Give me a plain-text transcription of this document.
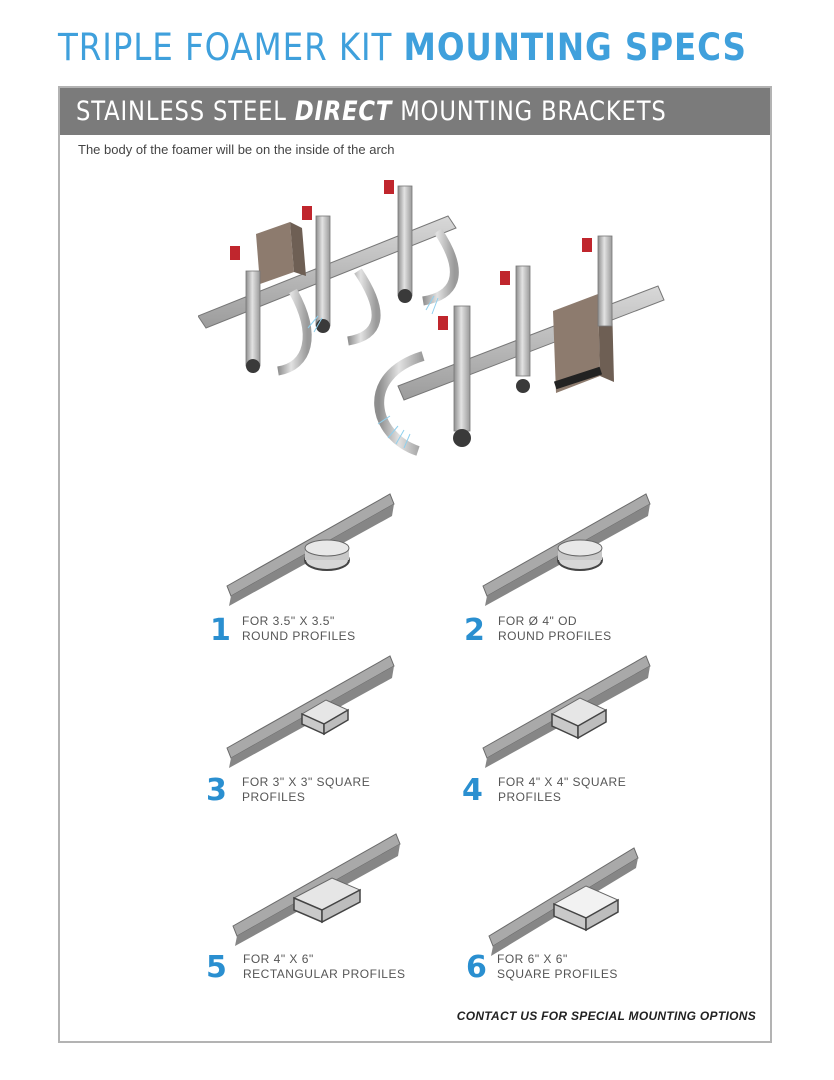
TRIPLE FOAMER KIT MOUNTING SPECS
STAINLESS STEEL DIRECT MOUNTING BRACKETS

The body of the foamer will be on the inside of the arch

1 FOR 3.5" X 3.5"
ROUND PROFILES	2 FOR Ø 4" OD
ROUND PROFILES
3 FOR 3" X 3" SQUARE
PROFILES	4 FOR 4" X 4" SQUARE
PROFILES
5 FOR 4" X 6"
RECTANGULAR PROFILES 6 FOR 6" X 6"
SQUARE PROFILES
CONTACT US FOR SPECIAL MOUNTING OPTIONS
